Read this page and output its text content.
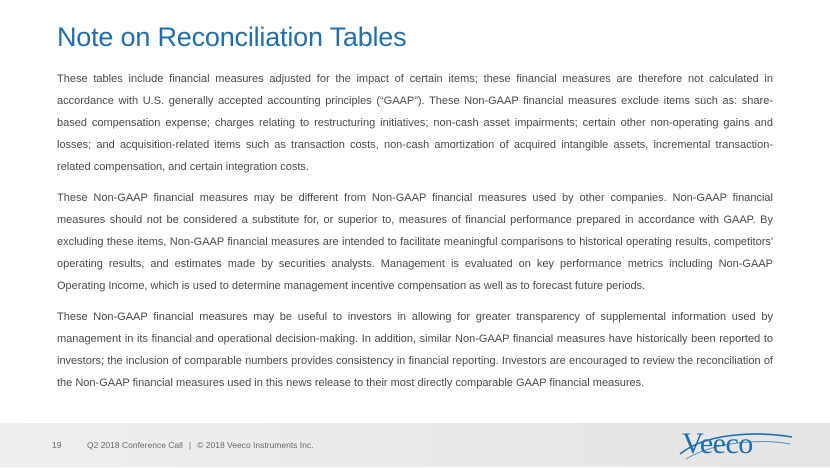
Note on Reconciliation Tables

These tables include financial measures adjusted for the impact of certain items; these financial measures are therefore not calculated in accordance with U.S. generally accepted accounting principles (“GAAP”). These Non-GAAP financial measures exclude items such as: share-based compensation expense; charges relating to restructuring initiatives; non-cash asset impairments; certain other non-operating gains and losses; and acquisition-related items such as transaction costs, non-cash amortization of acquired intangible assets, incremental transaction-related compensation, and certain integration costs.

These Non-GAAP financial measures may be different from Non-GAAP financial measures used by other companies. Non-GAAP financial measures should not be considered a substitute for, or superior to, measures of financial performance prepared in accordance with GAAP. By excluding these items, Non-GAAP financial measures are intended to facilitate meaningful comparisons to historical operating results, competitors' operating results, and estimates made by securities analysts. Management is evaluated on key performance metrics including Non-GAAP Operating Income, which is used to determine management incentive compensation as well as to forecast future periods.

These Non-GAAP financial measures may be useful to investors in allowing for greater transparency of supplemental information used by management in its financial and operational decision-making. In addition, similar Non-GAAP financial measures have historically been reported to investors; the inclusion of comparable numbers provides consistency in financial reporting. Investors are encouraged to review the reconciliation of the Non-GAAP financial measures used in this news release to their most directly comparable GAAP financial measures.

19	Q2 2018 Conference Call | © 2018 Veeco Instruments Inc.	Veeco
